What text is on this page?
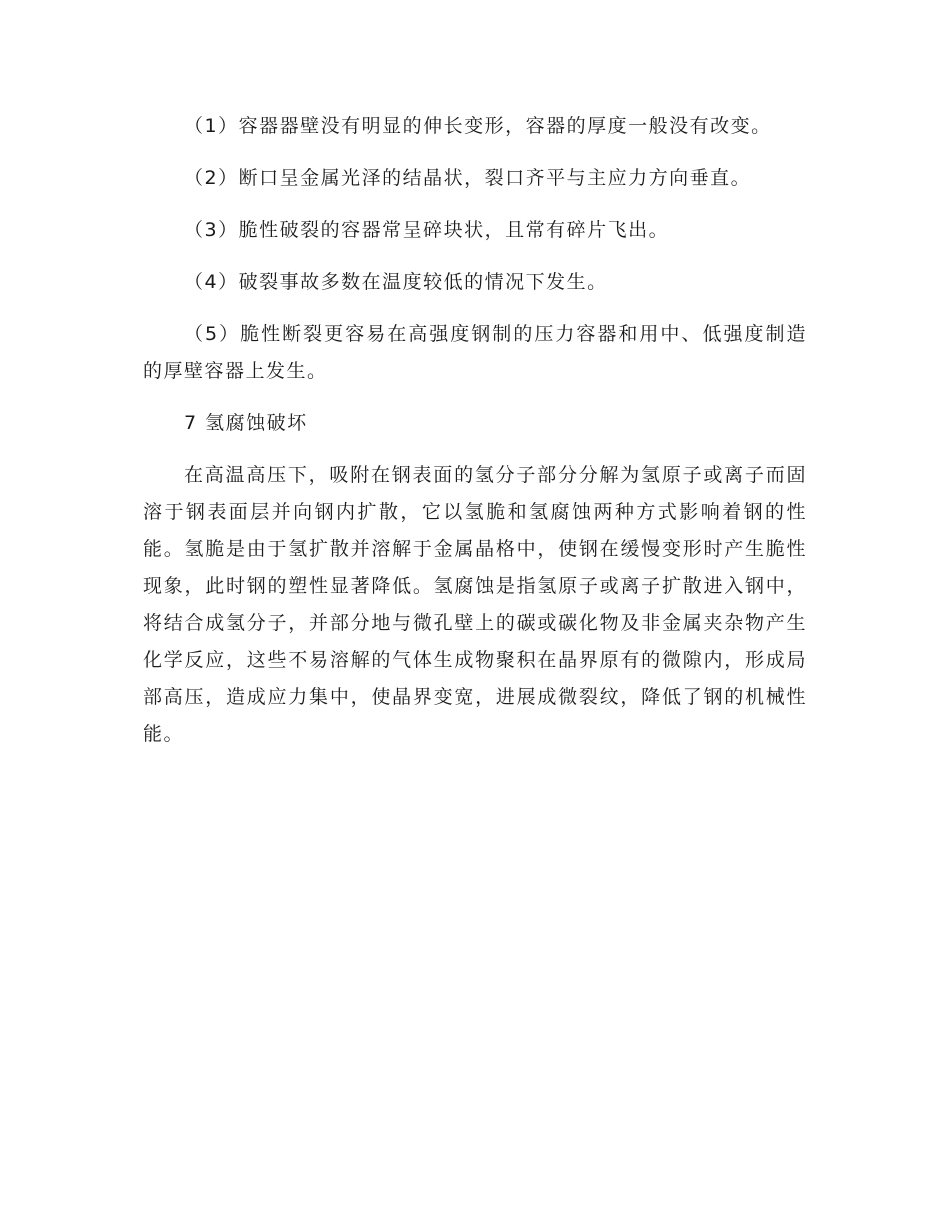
（1）容器器壁没有明显的伸长变形，容器的厚度一般没有改变。

（2）断口呈金属光泽的结晶状，裂口齐平与主应力方向垂直。

（3）脆性破裂的容器常呈碎块状，且常有碎片飞出。

（4）破裂事故多数在温度较低的情况下发生。

（5）脆性断裂更容易在高强度钢制的压力容器和用中、低强度制造的厚壁容器上发生。

7 氢腐蚀破坏

在高温高压下，吸附在钢表面的氢分子部分分解为氢原子或离子而固溶于钢表面层并向钢内扩散，它以氢脆和氢腐蚀两种方式影响着钢的性能。氢脆是由于氢扩散并溶解于金属晶格中，使钢在缓慢变形时产生脆性现象，此时钢的塑性显著降低。氢腐蚀是指氢原子或离子扩散进入钢中，将结合成氢分子，并部分地与微孔壁上的碳或碳化物及非金属夹杂物产生化学反应，这些不易溶解的气体生成物聚积在晶界原有的微隙内，形成局部高压，造成应力集中，使晶界变宽，进展成微裂纹，降低了钢的机械性能。
